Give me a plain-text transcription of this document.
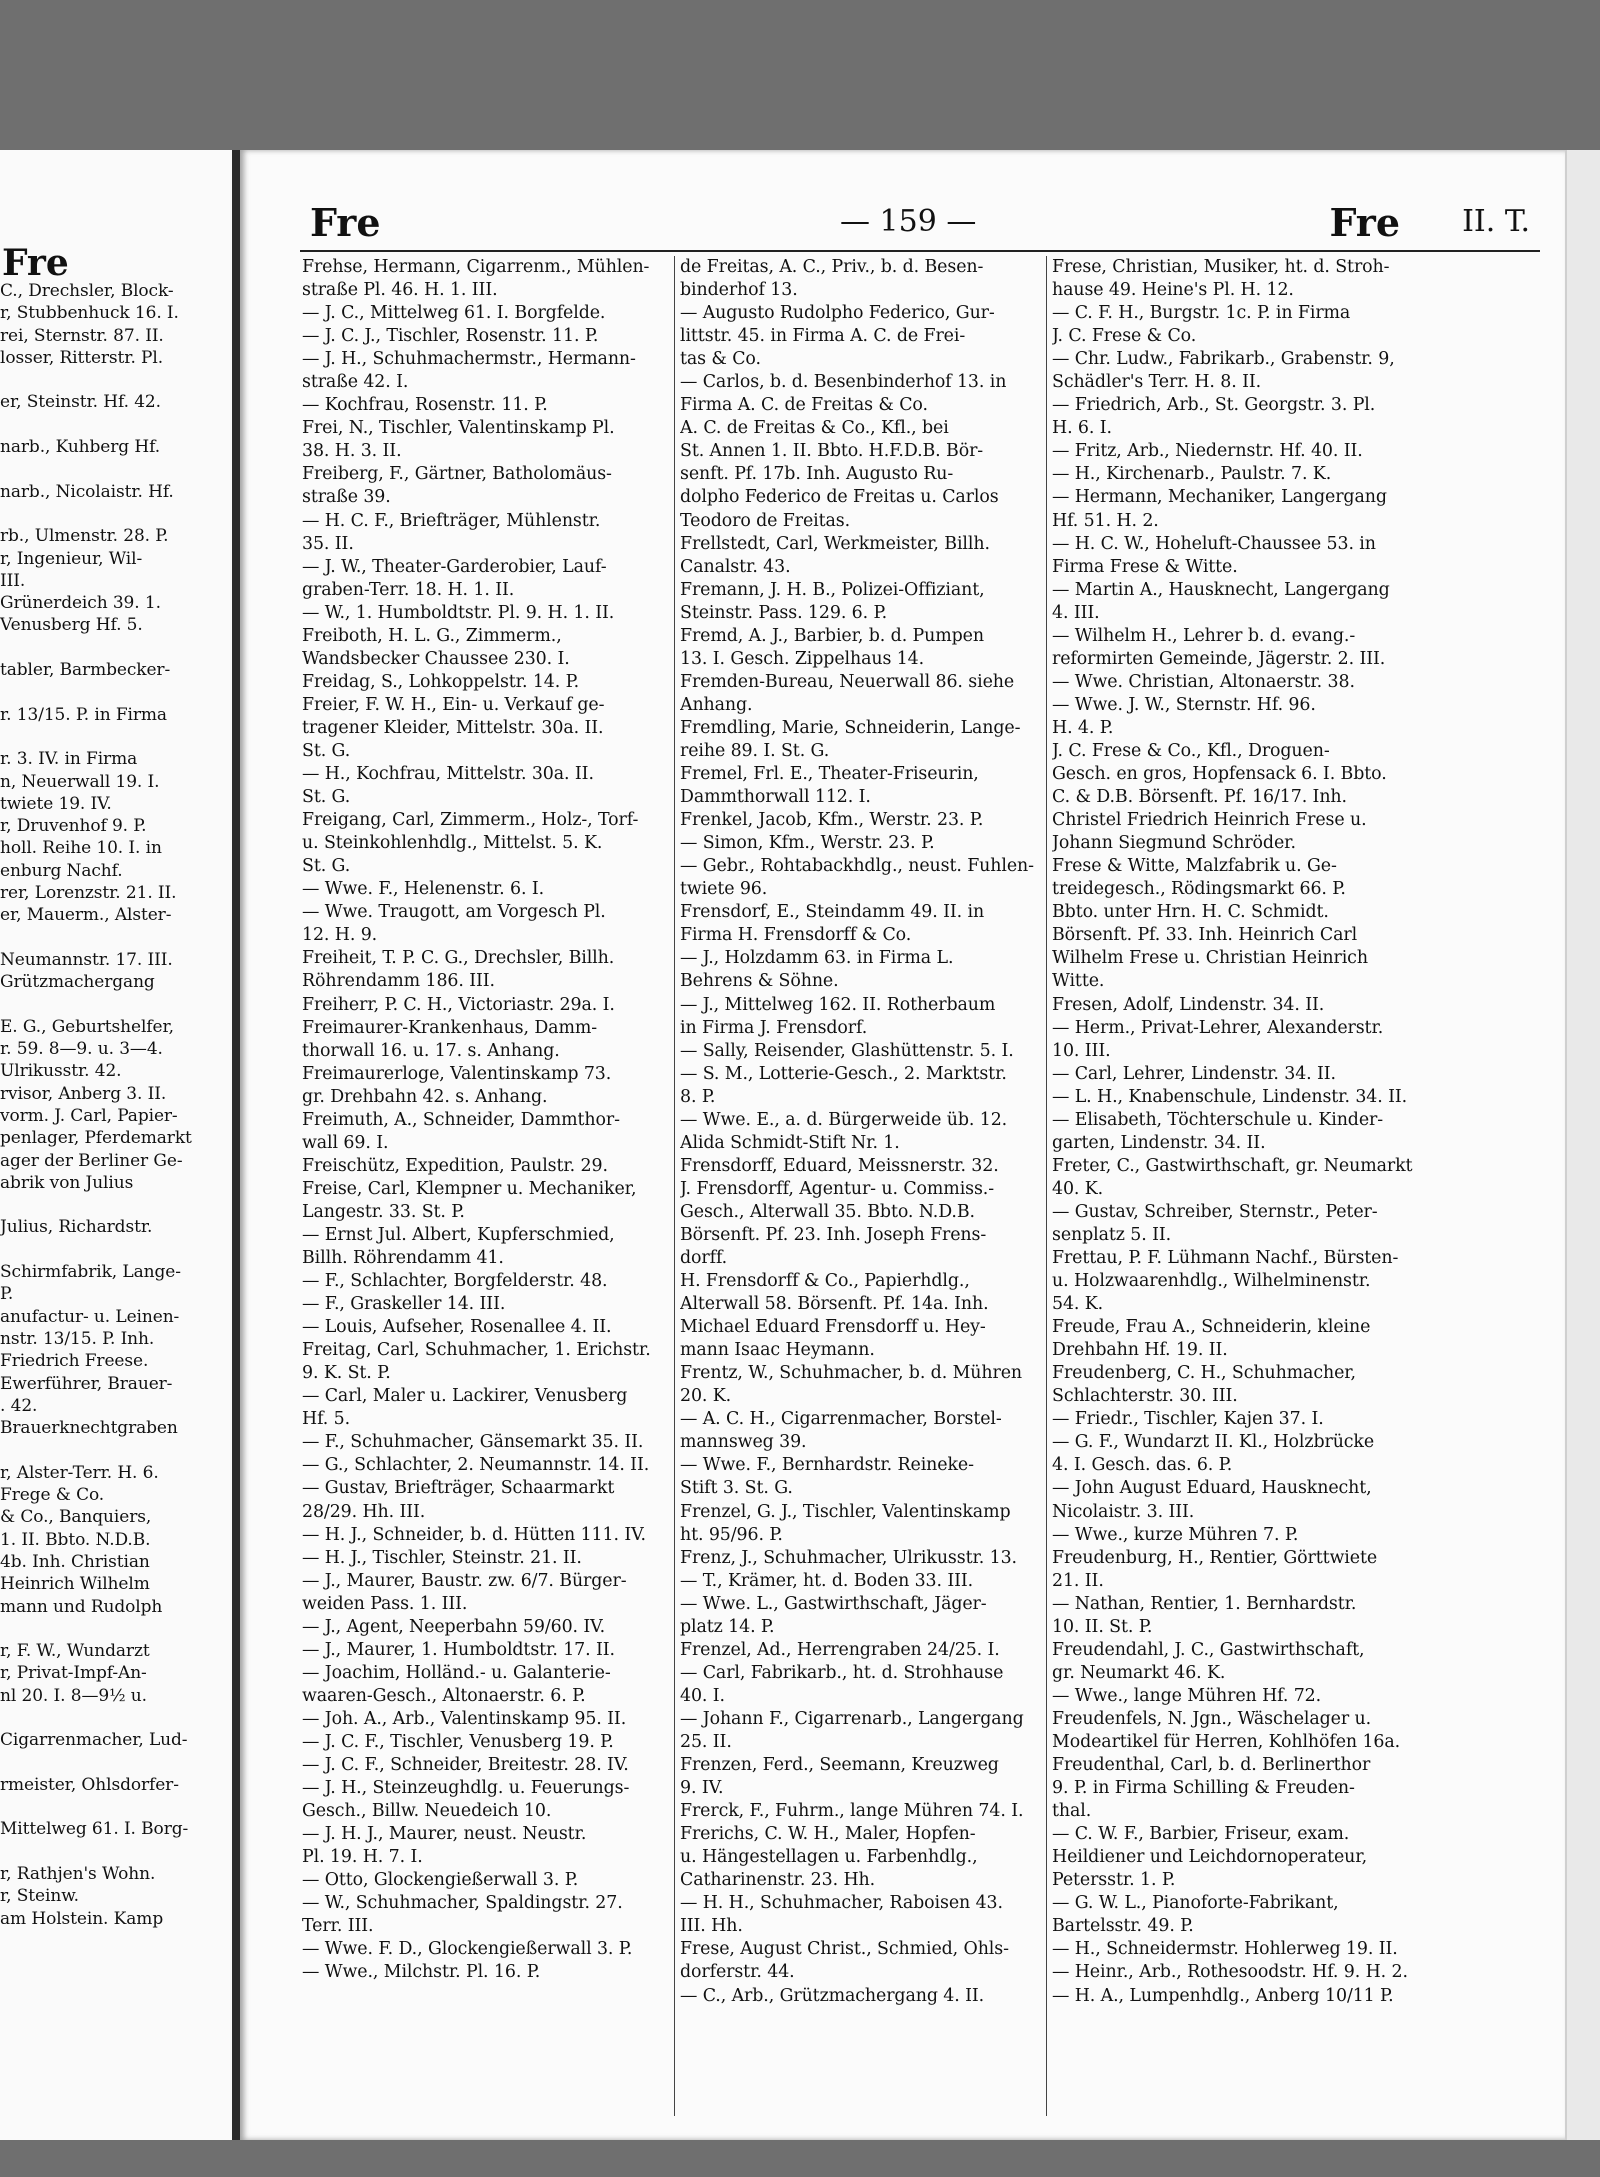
Fre
C., Drechsler, Block-
r, Stubbenhuck 16. I.
rei, Sternstr. 87. II.
losser, Ritterstr. Pl.
er, Steinstr. Hf. 42.
narb., Kuhberg Hf.
narb., Nicolaistr. Hf.
rb., Ulmenstr. 28. P.
r, Ingenieur, Wil-
III.
Grünerdeich 39. 1.
Venusberg Hf. 5.
tabler, Barmbecker-
r. 13/15. P. in Firma
r. 3. IV. in Firma
n, Neuerwall 19. I.
twiete 19. IV.
r, Druvenhof 9. P.
holl. Reihe 10. I. in
enburg Nachf.
rer, Lorenzstr. 21. II.
er, Mauerm., Alster-
Neumannstr. 17. III.
Grützmachergang
E. G., Geburtshelfer,
r. 59. 8—9. u. 3—4.
Ulrikusstr. 42.
rvisor, Anberg 3. II.
vorm. J. Carl, Papier-
penlager, Pferdemarkt
ager der Berliner Ge-
abrik von Julius
Julius, Richardstr.
Schirmfabrik, Lange-
P.
anufactur- u. Leinen-
nstr. 13/15. P. Inh.
Friedrich Freese.
Ewerführer, Brauer-
. 42.
Brauerknechtgraben
r, Alster-Terr. H. 6.
Frege & Co.
& Co., Banquiers,
1. II. Bbto. N.D.B.
4b. Inh. Christian
Heinrich Wilhelm
mann und Rudolph
r, F. W., Wundarzt
r, Privat-Impf-An-
nl 20. I. 8—9½ u.
Cigarrenmacher, Lud-
rmeister, Ohlsdorfer-
Mittelweg 61. I. Borg-
r, Rathjen's Wohn.
r, Steinw.
am Holstein. Kamp
Fre	— 159 —	Fre II. T.
Frehse, Hermann, Cigarrenm., Mühlen-
straße Pl. 46. H. 1. III.
— J. C., Mittelweg 61. I. Borgfelde.
— J. C. J., Tischler, Rosenstr. 11. P.
— J. H., Schuhmachermstr., Hermann-
straße 42. I.
— Kochfrau, Rosenstr. 11. P.
Frei, N., Tischler, Valentinskamp Pl.
38. H. 3. II.
Freiberg, F., Gärtner, Batholomäus-
straße 39.
— H. C. F., Briefträger, Mühlenstr.
35. II.
— J. W., Theater-Garderobier, Lauf-
graben-Terr. 18. H. 1. II.
— W., 1. Humboldtstr. Pl. 9. H. 1. II.
Freiboth, H. L. G., Zimmerm.,
Wandsbecker Chaussee 230. I.
Freidag, S., Lohkoppelstr. 14. P.
Freier, F. W. H., Ein- u. Verkauf ge-
tragener Kleider, Mittelstr. 30a. II.
St. G.
— H., Kochfrau, Mittelstr. 30a. II.
St. G.
Freigang, Carl, Zimmerm., Holz-, Torf-
u. Steinkohlenhdlg., Mittelst. 5. K.
St. G.
— Wwe. F., Helenenstr. 6. I.
— Wwe. Traugott, am Vorgesch Pl.
12. H. 9.
Freiheit, T. P. C. G., Drechsler, Billh.
Röhrendamm 186. III.
Freiherr, P. C. H., Victoriastr. 29a. I.
Freimaurer-Krankenhaus, Damm-
thorwall 16. u. 17. s. Anhang.
Freimaurerloge, Valentinskamp 73.
gr. Drehbahn 42. s. Anhang.
Freimuth, A., Schneider, Dammthor-
wall 69. I.
Freischütz, Expedition, Paulstr. 29.
Freise, Carl, Klempner u. Mechaniker,
Langestr. 33. St. P.
— Ernst Jul. Albert, Kupferschmied,
Billh. Röhrendamm 41.
— F., Schlachter, Borgfelderstr. 48.
— F., Graskeller 14. III.
— Louis, Aufseher, Rosenallee 4. II.
Freitag, Carl, Schuhmacher, 1. Erichstr.
9. K. St. P.
— Carl, Maler u. Lackirer, Venusberg
Hf. 5.
— F., Schuhmacher, Gänsemarkt 35. II.
— G., Schlachter, 2. Neumannstr. 14. II.
— Gustav, Briefträger, Schaarmarkt
28/29. Hh. III.
— H. J., Schneider, b. d. Hütten 111. IV.
— H. J., Tischler, Steinstr. 21. II.
— J., Maurer, Baustr. zw. 6/7. Bürger-
weiden Pass. 1. III.
— J., Agent, Neeperbahn 59/60. IV.
— J., Maurer, 1. Humboldtstr. 17. II.
— Joachim, Holländ.- u. Galanterie-
waaren-Gesch., Altonaerstr. 6. P.
— Joh. A., Arb., Valentinskamp 95. II.
— J. C. F., Tischler, Venusberg 19. P.
— J. C. F., Schneider, Breitestr. 28. IV.
— J. H., Steinzeughdlg. u. Feuerungs-
Gesch., Billw. Neuedeich 10.
— J. H. J., Maurer, neust. Neustr.
Pl. 19. H. 7. I.
— Otto, Glockengießerwall 3. P.
— W., Schuhmacher, Spaldingstr. 27.
Terr. III.
— Wwe. F. D., Glockengießerwall 3. P.
— Wwe., Milchstr. Pl. 16. P.
de Freitas, A. C., Priv., b. d. Besen-
binderhof 13.
— Augusto Rudolpho Federico, Gur-
littstr. 45. in Firma A. C. de Frei-
tas & Co.
— Carlos, b. d. Besenbinderhof 13. in
Firma A. C. de Freitas & Co.
A. C. de Freitas & Co., Kfl., bei
St. Annen 1. II. Bbto. H.F.D.B. Bör-
senft. Pf. 17b. Inh. Augusto Ru-
dolpho Federico de Freitas u. Carlos
Teodoro de Freitas.
Frellstedt, Carl, Werkmeister, Billh.
Canalstr. 43.
Fremann, J. H. B., Polizei-Offiziant,
Steinstr. Pass. 129. 6. P.
Fremd, A. J., Barbier, b. d. Pumpen
13. I. Gesch. Zippelhaus 14.
Fremden-Bureau, Neuerwall 86. siehe
Anhang.
Fremdling, Marie, Schneiderin, Lange-
reihe 89. I. St. G.
Fremel, Frl. E., Theater-Friseurin,
Dammthorwall 112. I.
Frenkel, Jacob, Kfm., Werstr. 23. P.
— Simon, Kfm., Werstr. 23. P.
— Gebr., Rohtabackhdlg., neust. Fuhlen-
twiete 96.
Frensdorf, E., Steindamm 49. II. in
Firma H. Frensdorff & Co.
— J., Holzdamm 63. in Firma L.
Behrens & Söhne.
— J., Mittelweg 162. II. Rotherbaum
in Firma J. Frensdorf.
— Sally, Reisender, Glashüttenstr. 5. I.
— S. M., Lotterie-Gesch., 2. Marktstr.
8. P.
— Wwe. E., a. d. Bürgerweide üb. 12.
Alida Schmidt-Stift Nr. 1.
Frensdorff, Eduard, Meissnerstr. 32.
J. Frensdorff, Agentur- u. Commiss.-
Gesch., Alterwall 35. Bbto. N.D.B.
Börsenft. Pf. 23. Inh. Joseph Frens-
dorff.
H. Frensdorff & Co., Papierhdlg.,
Alterwall 58. Börsenft. Pf. 14a. Inh.
Michael Eduard Frensdorff u. Hey-
mann Isaac Heymann.
Frentz, W., Schuhmacher, b. d. Mühren
20. K.
— A. C. H., Cigarrenmacher, Borstel-
mannsweg 39.
— Wwe. F., Bernhardstr. Reineke-
Stift 3. St. G.
Frenzel, G. J., Tischler, Valentinskamp
ht. 95/96. P.
Frenz, J., Schuhmacher, Ulrikusstr. 13.
— T., Krämer, ht. d. Boden 33. III.
— Wwe. L., Gastwirthschaft, Jäger-
platz 14. P.
Frenzel, Ad., Herrengraben 24/25. I.
— Carl, Fabrikarb., ht. d. Strohhause
40. I.
— Johann F., Cigarrenarb., Langergang
25. II.
Frenzen, Ferd., Seemann, Kreuzweg
9. IV.
Frerck, F., Fuhrm., lange Mühren 74. I.
Frerichs, C. W. H., Maler, Hopfen-
u. Hängestellagen u. Farbenhdlg.,
Catharinenstr. 23. Hh.
— H. H., Schuhmacher, Raboisen 43.
III. Hh.
Frese, August Christ., Schmied, Ohls-
dorferstr. 44.
— C., Arb., Grützmachergang 4. II.
Frese, Christian, Musiker, ht. d. Stroh-
hause 49. Heine's Pl. H. 12.
— C. F. H., Burgstr. 1c. P. in Firma
J. C. Frese & Co.
— Chr. Ludw., Fabrikarb., Grabenstr. 9,
Schädler's Terr. H. 8. II.
— Friedrich, Arb., St. Georgstr. 3. Pl.
H. 6. I.
— Fritz, Arb., Niedernstr. Hf. 40. II.
— H., Kirchenarb., Paulstr. 7. K.
— Hermann, Mechaniker, Langergang
Hf. 51. H. 2.
— H. C. W., Hoheluft-Chaussee 53. in
Firma Frese & Witte.
— Martin A., Hausknecht, Langergang
4. III.
— Wilhelm H., Lehrer b. d. evang.-
reformirten Gemeinde, Jägerstr. 2. III.
— Wwe. Christian, Altonaerstr. 38.
— Wwe. J. W., Sternstr. Hf. 96.
H. 4. P.
J. C. Frese & Co., Kfl., Droguen-
Gesch. en gros, Hopfensack 6. I. Bbto.
C. & D.B. Börsenft. Pf. 16/17. Inh.
Christel Friedrich Heinrich Frese u.
Johann Siegmund Schröder.
Frese & Witte, Malzfabrik u. Ge-
treidegesch., Rödingsmarkt 66. P.
Bbto. unter Hrn. H. C. Schmidt.
Börsenft. Pf. 33. Inh. Heinrich Carl
Wilhelm Frese u. Christian Heinrich
Witte.
Fresen, Adolf, Lindenstr. 34. II.
— Herm., Privat-Lehrer, Alexanderstr.
10. III.
— Carl, Lehrer, Lindenstr. 34. II.
— L. H., Knabenschule, Lindenstr. 34. II.
— Elisabeth, Töchterschule u. Kinder-
garten, Lindenstr. 34. II.
Freter, C., Gastwirthschaft, gr. Neumarkt
40. K.
— Gustav, Schreiber, Sternstr., Peter-
senplatz 5. II.
Frettau, P. F. Lühmann Nachf., Bürsten-
u. Holzwaarenhdlg., Wilhelminenstr.
54. K.
Freude, Frau A., Schneiderin, kleine
Drehbahn Hf. 19. II.
Freudenberg, C. H., Schuhmacher,
Schlachterstr. 30. III.
— Friedr., Tischler, Kajen 37. I.
— G. F., Wundarzt II. Kl., Holzbrücke
4. I. Gesch. das. 6. P.
— John August Eduard, Hausknecht,
Nicolaistr. 3. III.
— Wwe., kurze Mühren 7. P.
Freudenburg, H., Rentier, Görttwiete
21. II.
— Nathan, Rentier, 1. Bernhardstr.
10. II. St. P.
Freudendahl, J. C., Gastwirthschaft,
gr. Neumarkt 46. K.
— Wwe., lange Mühren Hf. 72.
Freudenfels, N. Jgn., Wäschelager u.
Modeartikel für Herren, Kohlhöfen 16a.
Freudenthal, Carl, b. d. Berlinerthor
9. P. in Firma Schilling & Freuden-
thal.
— C. W. F., Barbier, Friseur, exam.
Heildiener und Leichdornoperateur,
Petersstr. 1. P.
— G. W. L., Pianoforte-Fabrikant,
Bartelsstr. 49. P.
— H., Schneidermstr. Hohlerweg 19. II.
— Heinr., Arb., Rothesoodstr. Hf. 9. H. 2.
— H. A., Lumpenhdlg., Anberg 10/11 P.
